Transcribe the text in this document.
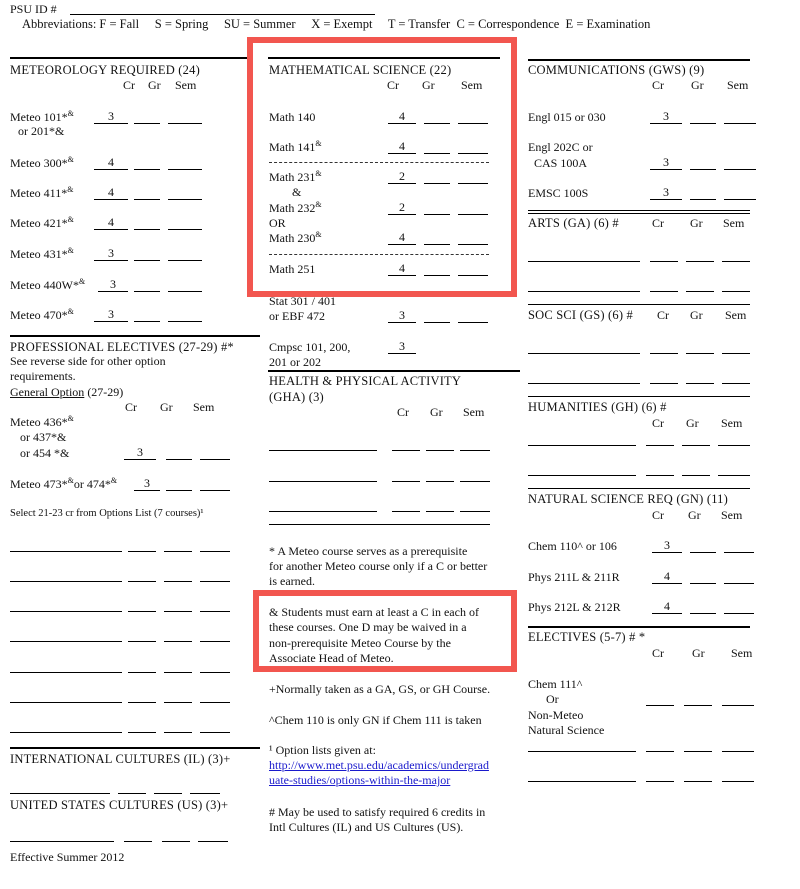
PSU ID #
Abbreviations: F = Fall     S = Spring     SU = Summer     X = Exempt     T = Transfer  C = Correspondence  E = Examination
METEOROLOGY REQUIRED (24)
Cr Gr Sem
Meteo 101*&
or 201*&
3
Meteo 300*&	4
Meteo 411*&	4
Meteo 421*&	4
Meteo 431*&	3
Meteo 440W*&	3
Meteo 470*&	3
PROFESSIONAL ELECTIVES (27-29) #*
See reverse side for other option
requirements.
General Option (27-29)
Cr Gr Sem
Meteo 436*&
or 437*&
or 454 *&	3
Meteo 473*&or 474*&	3
Select 21-23 cr from Options List (7 courses)¹
INTERNATIONAL CULTURES (IL) (3)+
UNITED STATES CULTURES (US) (3)+
Effective Summer 2012
MATHEMATICAL SCIENCE (22)
Cr Gr Sem
Math 140	4
Math 141&	4
Math 231&	2
&
Math 232&	2
OR
Math 230&	4
Math 251	4
Stat 301 / 401
or EBF 472	3
Cmpsc 101, 200,
201 or 202
3
HEALTH & PHYSICAL ACTIVITY
(GHA) (3)
Cr Gr Sem
* A Meteo course serves as a prerequisite
for another Meteo course only if a C or better
is earned.
& Students must earn at least a C in each of
these courses. One D may be waived in a
non-prerequisite Meteo Course by the
Associate Head of Meteo.
+Normally taken as a GA, GS, or GH Course.
^Chem 110 is only GN if Chem 111 is taken
¹ Option lists given at:
http://www.met.psu.edu/academics/undergrad
uate-studies/options-within-the-major
# May be used to satisfy required 6 credits in
Intl Cultures (IL) and US Cultures (US).
COMMUNICATIONS (GWS) (9)
Cr Gr Sem
Engl 015 or 030	3
Engl 202C or
CAS 100A	3
EMSC 100S	3
ARTS (GA) (6) #	Cr Gr Sem
SOC SCI (GS) (6) # Cr Gr Sem
HUMANITIES (GH) (6) #
Cr Gr Sem
NATURAL SCIENCE REQ (GN) (11)
Cr Gr Sem
Chem 110^ or 106	3
Phys 211L & 211R	4
Phys 212L & 212R	4
ELECTIVES (5-7) # *
Cr Gr Sem
Chem 111^
Or
Non-Meteo
Natural Science
